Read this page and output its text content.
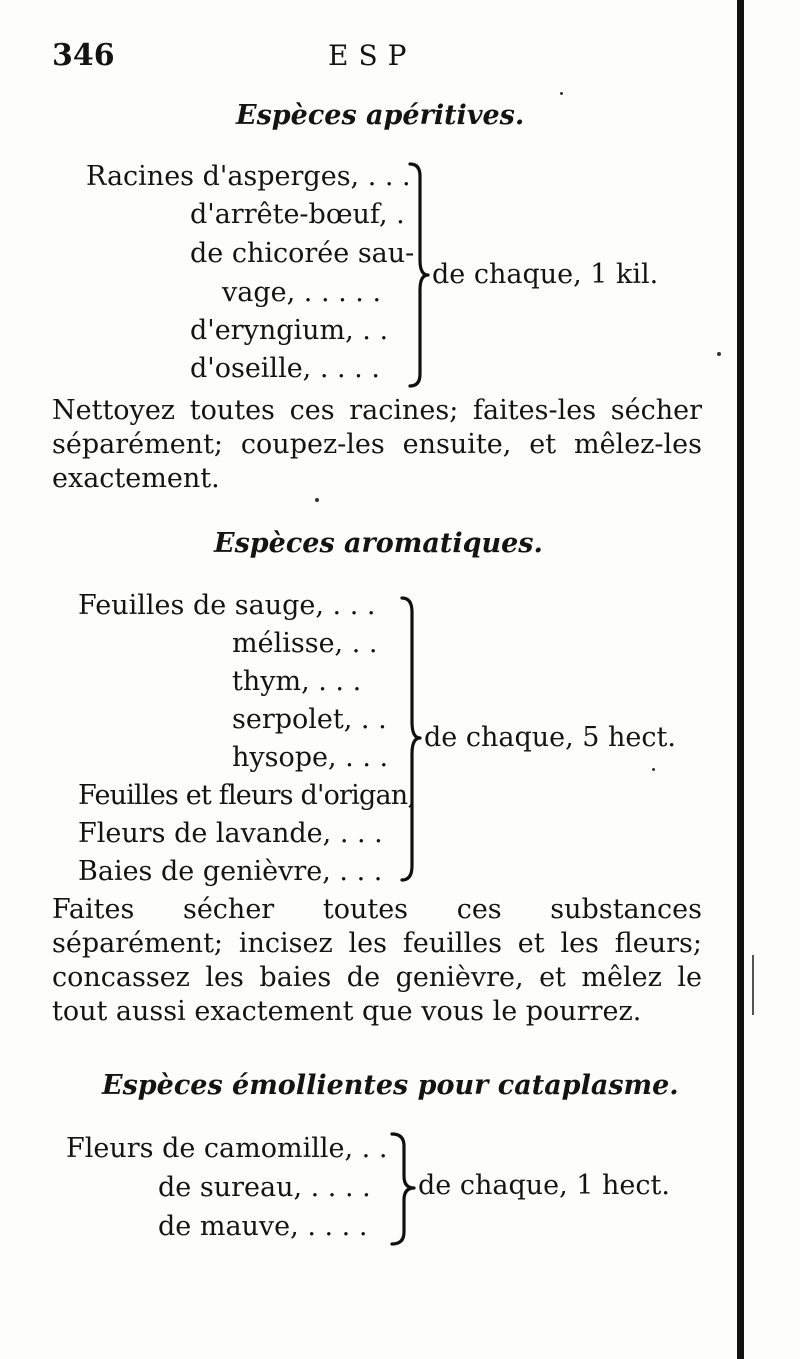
346	ESP
Espèces apéritives.
Racines d'asperges, . . .
d'arrête-bœuf, .
de chicorée sau-
vage, . . . . .
d'eryngium, . .
d'oseille, . . . .
de chaque, 1 kil.
Nettoyez toutes ces racines; faites-les sécher séparément; coupez-les ensuite, et mêlez-les exactement.
Espèces aromatiques.
Feuilles de sauge, . . .
mélisse, . .
thym, . . .
serpolet, . .
hysope, . . .
Feuilles et fleurs d'origan,
Fleurs de lavande, . . .
Baies de genièvre, . . .
de chaque, 5 hect.
Faites sécher toutes ces substances séparément; incisez les feuilles et les fleurs; concassez les baies de genièvre, et mêlez le tout aussi exactement que vous le pourrez.
Espèces émollientes pour cataplasme.
Fleurs de camomille, . .
de sureau, . . . .
de mauve, . . . .
de chaque, 1 hect.
